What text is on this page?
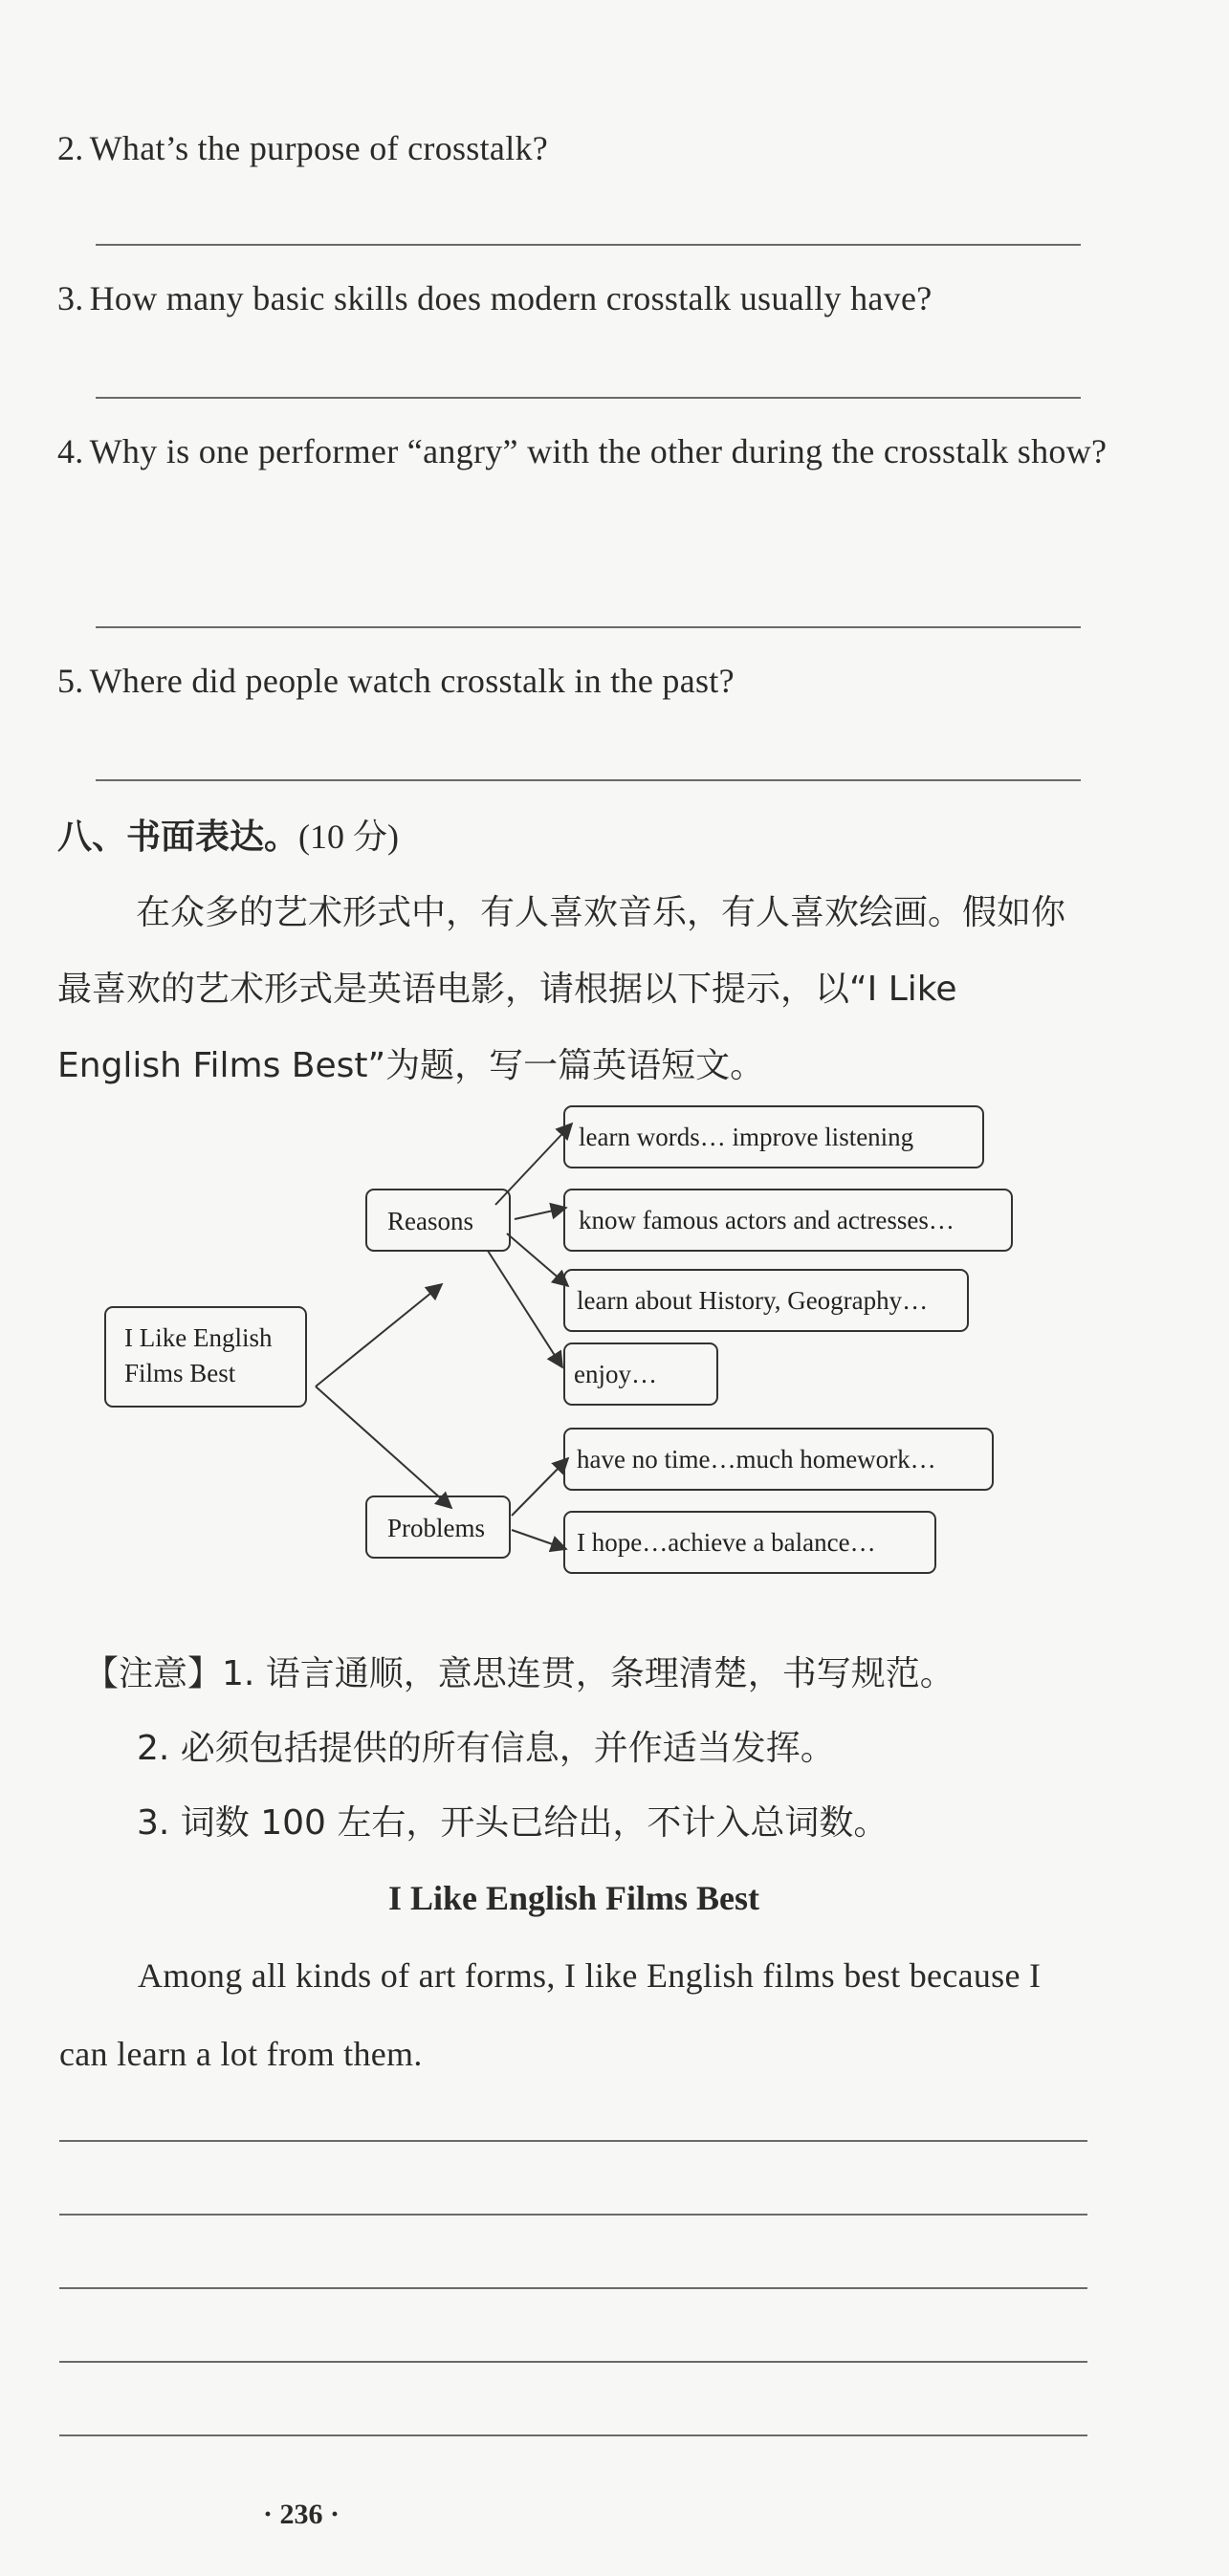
2. What’s the purpose of crosstalk?
3. How many basic skills does modern crosstalk usually have?
4. Why is one performer “angry” with the other during the crosstalk show?
5. Where did people watch crosstalk in the past?
八、书面表达。(10 分)
在众多的艺术形式中，有人喜欢音乐，有人喜欢绘画。假如你最喜欢的艺术形式是英语电影，请根据以下提示，以“I Like English Films Best”为题，写一篇英语短文。
I Like English
Films Best
Reasons
Problems
learn words… improve listening
know famous actors and actresses…
learn about History, Geography…
enjoy…
have no time…much homework…
I hope…achieve a balance…
【注意】1. 语言通顺，意思连贯，条理清楚，书写规范。
2. 必须包括提供的所有信息，并作适当发挥。
3. 词数 100 左右，开头已给出，不计入总词数。
I Like English Films Best
Among all kinds of art forms, I like English films best because I can learn a lot from them.
· 236 ·
